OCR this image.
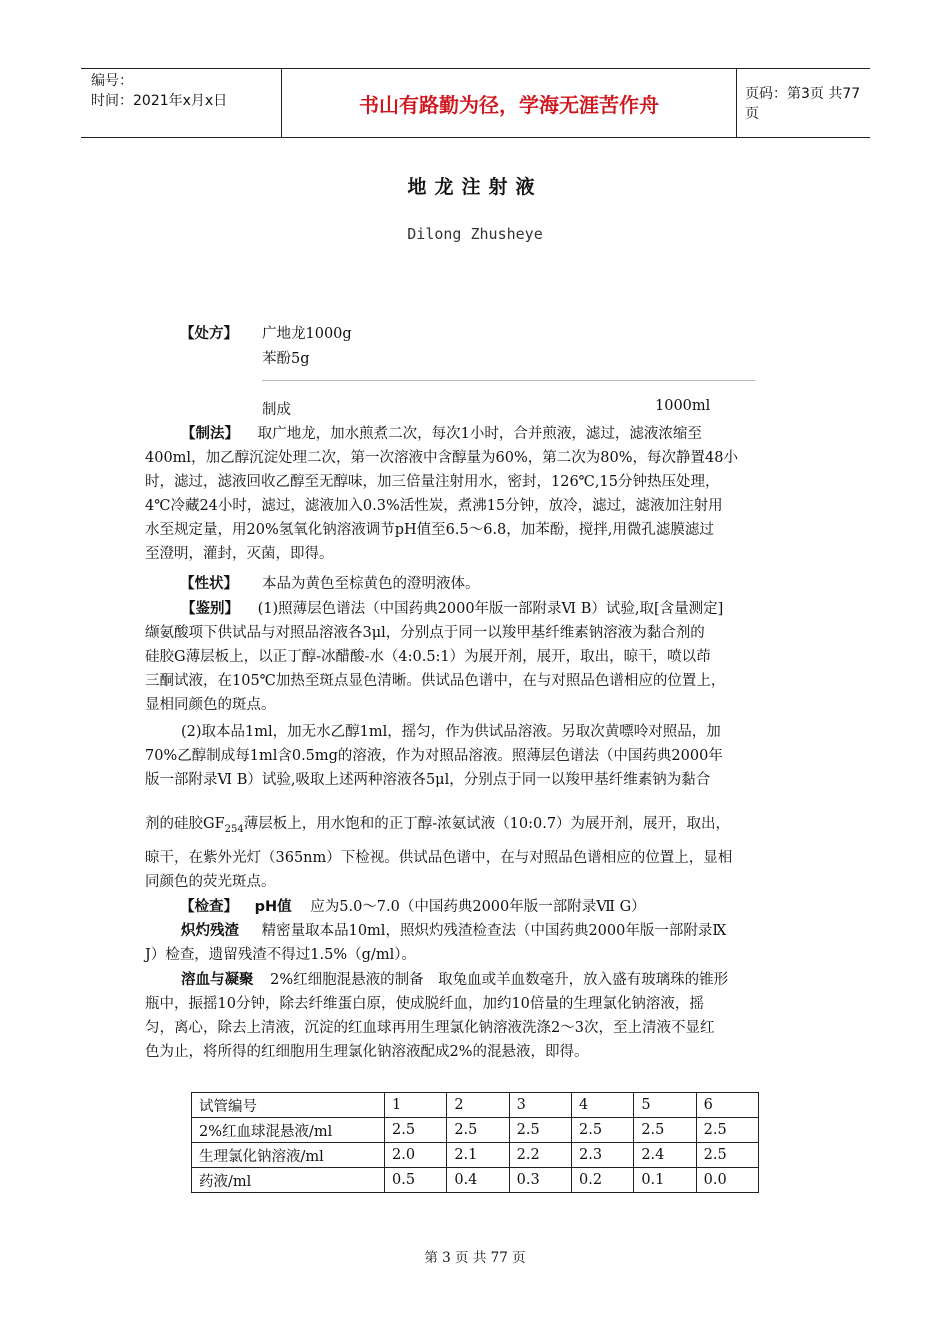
编号：
时间：2021年x月x日	书山有路勤为径，学海无涯苦作舟	页码：第3页 共77页
地龙注射液
Dilong Zhusheye
【处方】 广地龙1000g
苯酚5g
制成	1000ml
【制法】 取广地龙，加水煎煮二次，每次1小时，合并煎液，滤过，滤液浓缩至
400ml，加乙醇沉淀处理二次，第一次溶液中含醇量为60%，第二次为80%，每次静置48小
时，滤过，滤液回收乙醇至无醇味，加三倍量注射用水，密封，126℃,15分钟热压处理，
4℃冷藏24小时，滤过，滤液加入0.3%活性炭，煮沸15分钟，放冷，滤过，滤液加注射用
水至规定量，用20%氢氧化钠溶液调节pH值至6.5～6.8，加苯酚，搅拌,用微孔滤膜滤过
至澄明，灌封，灭菌，即得。
【性状】 本品为黄色至棕黄色的澄明液体。
【鉴别】 (1)照薄层色谱法（中国药典2000年版一部附录Ⅵ B）试验,取[含量测定]
缬氨酸项下供试品与对照品溶液各3μl，分别点于同一以羧甲基纤维素钠溶液为黏合剂的
硅胶G薄层板上，以正丁醇-冰醋酸-水（4:0.5:1）为展开剂，展开，取出，晾干，喷以茚
三酮试液，在105℃加热至斑点显色清晰。供试品色谱中，在与对照品色谱相应的位置上，
显相同颜色的斑点。
(2)取本品1ml，加无水乙醇1ml，摇匀，作为供试品溶液。另取次黄嘌呤对照品，加
70%乙醇制成每1ml含0.5mg的溶液，作为对照品溶液。照薄层色谱法（中国药典2000年
版一部附录Ⅵ B）试验,吸取上述两种溶液各5μl，分别点于同一以羧甲基纤维素钠为黏合
剂的硅胶$GF_{254}$薄层板上，用水饱和的正丁醇-浓氨试液（10:0.7）为展开剂，展开，取出，
晾干，在紫外光灯（365nm）下检视。供试品色谱中，在与对照品色谱相应的位置上，显相
同颜色的荧光斑点。
【检查】 pH值 应为5.0～7.0（中国药典2000年版一部附录Ⅶ G）
炽灼残渣 精密量取本品10ml，照炽灼残渣检查法（中国药典2000年版一部附录Ⅸ
J）检查，遗留残渣不得过1.5%（g/ml）。
溶血与凝聚 2%红细胞混悬液的制备　取兔血或羊血数毫升，放入盛有玻璃珠的锥形
瓶中，振摇10分钟，除去纤维蛋白原，使成脱纤血，加约10倍量的生理氯化钠溶液，摇
匀，离心，除去上清液，沉淀的红血球再用生理氯化钠溶液洗涤2～3次，至上清液不显红
色为止，将所得的红细胞用生理氯化钠溶液配成2%的混悬液，即得。
试管编号	1	2	3	4	5	6
2%红血球混悬液/ml	2.5	2.5	2.5	2.5	2.5	2.5
生理氯化钠溶液/ml	2.0	2.1	2.2	2.3	2.4	2.5
药液/ml	0.5	0.4	0.3	0.2	0.1	0.0
第 3 页 共 77 页
